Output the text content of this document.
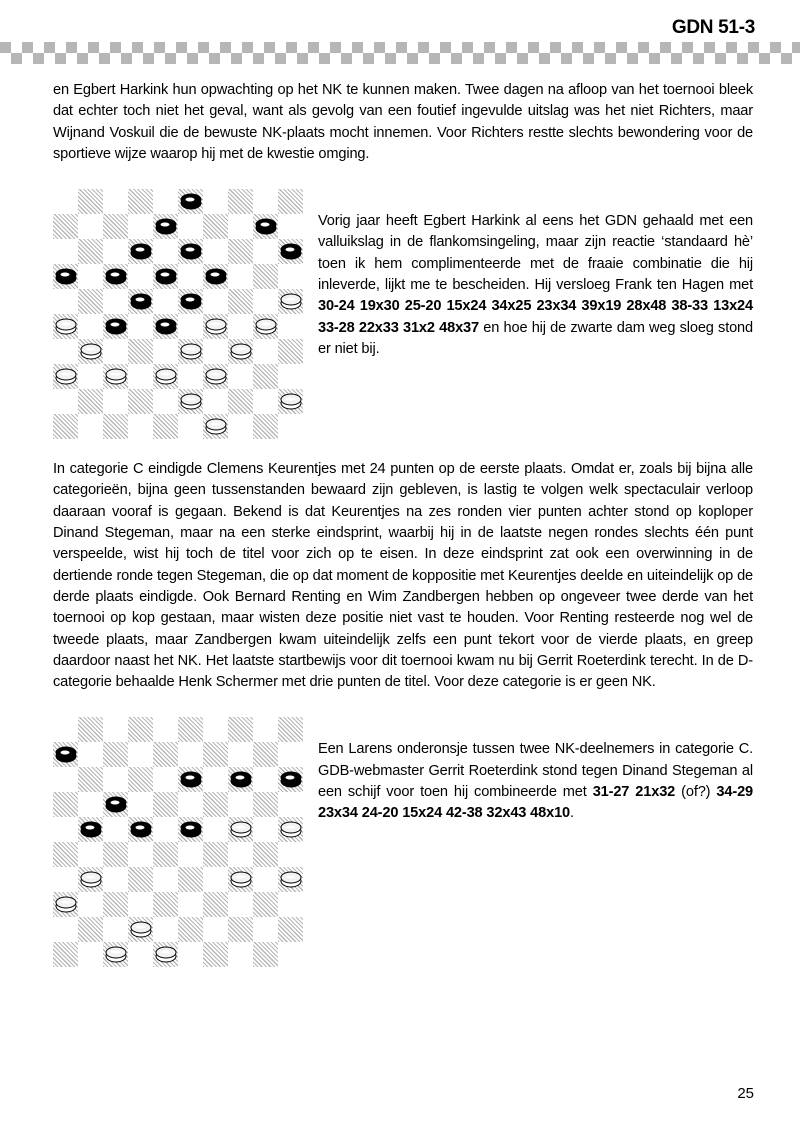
GDN 51-3

en Egbert Harkink hun opwachting op het NK te kunnen maken. Twee dagen na afloop van het toernooi bleek dat echter toch niet het geval, want als gevolg van een foutief ingevulde uitslag was het niet Richters, maar Wijnand Voskuil die de bewuste NK-plaats mocht innemen. Voor Richters restte slechts bewondering voor de sportieve wijze waarop hij met de kwestie omging.

Vorig jaar heeft Egbert Harkink al eens het GDN gehaald met een valluikslag in de flankomsingeling, maar zijn reactie ‘standaard hè’ toen ik hem complimenteerde met de fraaie combinatie die hij inleverde, lijkt me te bescheiden. Hij versloeg Frank ten Hagen met 30-24 19x30 25-20 15x24 34x25 23x34 39x19 28x48 38-33 13x24 33-28 22x33 31x2 48x37 en hoe hij de zwarte dam weg sloeg stond er niet bij.

In categorie C eindigde Clemens Keurentjes met 24 punten op de eerste plaats. Omdat er, zoals bij bijna alle categorieën, bijna geen tussenstanden bewaard zijn gebleven, is lastig te volgen welk spectaculair verloop daaraan vooraf is gegaan. Bekend is dat Keurentjes na zes ronden vier punten achter stond op koploper Dinand Stegeman, maar na een sterke eindsprint, waarbij hij in de laatste negen rondes slechts één punt verspeelde, wist hij toch de titel voor zich op te eisen. In deze eindsprint zat ook een overwinning in de dertiende ronde tegen Stegeman, die op dat moment de koppositie met Keurentjes deelde en uiteindelijk op de derde plaats eindigde. Ook Bernard Renting en Wim Zandbergen hebben op ongeveer twee derde van het toernooi op kop gestaan, maar wisten deze positie niet vast te houden. Voor Renting resteerde nog wel de tweede plaats, maar Zandbergen kwam uiteindelijk zelfs een punt tekort voor de vierde plaats, en greep daardoor naast het NK. Het laatste startbewijs voor dit toernooi kwam nu bij Gerrit Roeterdink terecht. In de D-categorie behaalde Henk Schermer met drie punten de titel. Voor deze categorie is er geen NK.

Een Larens onderonsje tussen twee NK-deelnemers in categorie C. GDB-webmaster Gerrit Roeterdink stond tegen Dinand Stegeman al een schijf voor toen hij combineerde met 31-27 21x32 (of?) 34-29 23x34 24-20 15x24 42-38 32x43 48x10.

25
